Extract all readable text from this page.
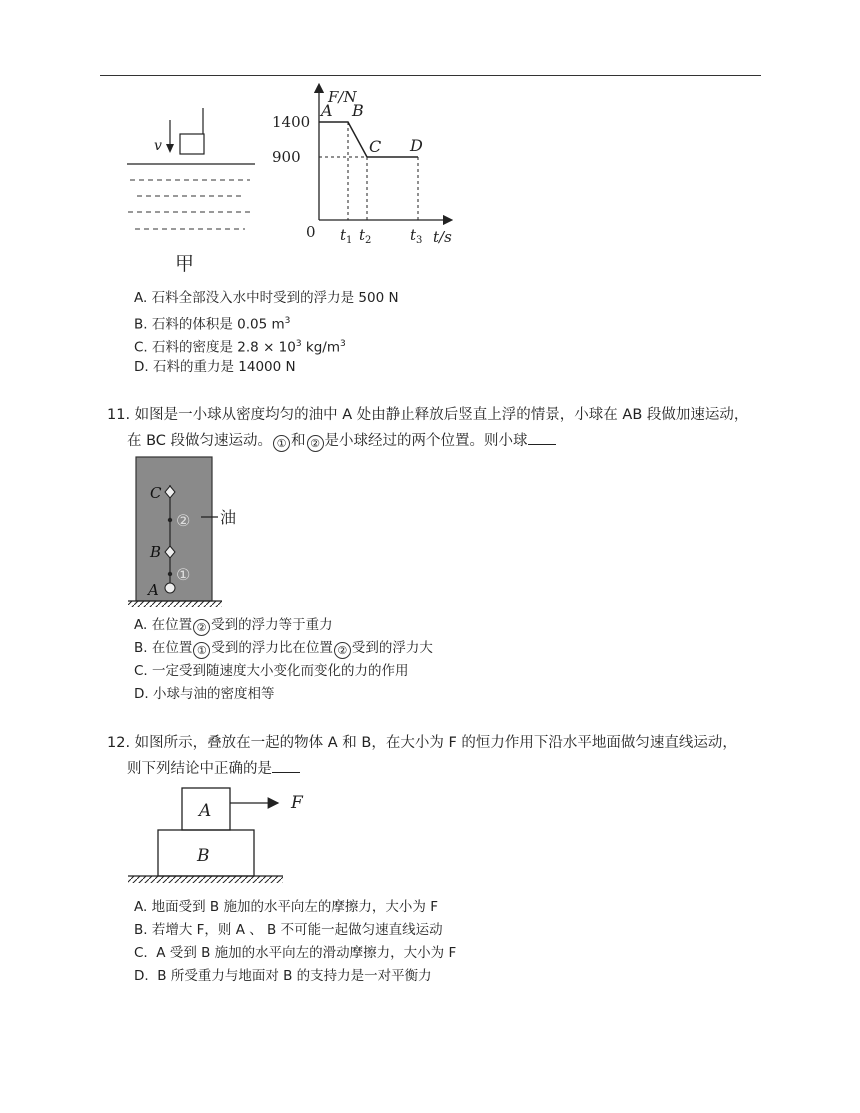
v
甲
F/N
t/s
0
1400
900
$t_1$ $t_2$	$t_3$
A B
C D
A. 石料全部没入水中时受到的浮力是 500 N
B. 石料的体积是 0.05 $m^3$
C. 石料的密度是 $2.8 \times 10^3$ $kg/m^3$
D. 石料的重力是 14000 N
11. 如图是一小球从密度均匀的油中 A 处由静止释放后竖直上浮的情景，小球在 AB 段做加速运动，
在 BC 段做匀速运动。 ① 和 ② 是小球经过的两个位置。则小球
C
B
A
②
①
油
A. 在位置 ② 受到的浮力等于重力
B. 在位置 ① 受到的浮力比在位置 ② 受到的浮力大
C. 一定受到随速度大小变化而变化的力的作用
D. 小球与油的密度相等
12. 如图所示，叠放在一起的物体 A 和 B，在大小为 F 的恒力作用下沿水平地面做匀速直线运动，
则下列结论中正确的是
A
B
F
A. 地面受到 B 施加的水平向左的摩擦力，大小为 F
B. 若增大 F，则 A 、 B 不可能一起做匀速直线运动
C.  A 受到 B 施加的水平向左的滑动摩擦力，大小为 F
D.  B 所受重力与地面对 B 的支持力是一对平衡力
